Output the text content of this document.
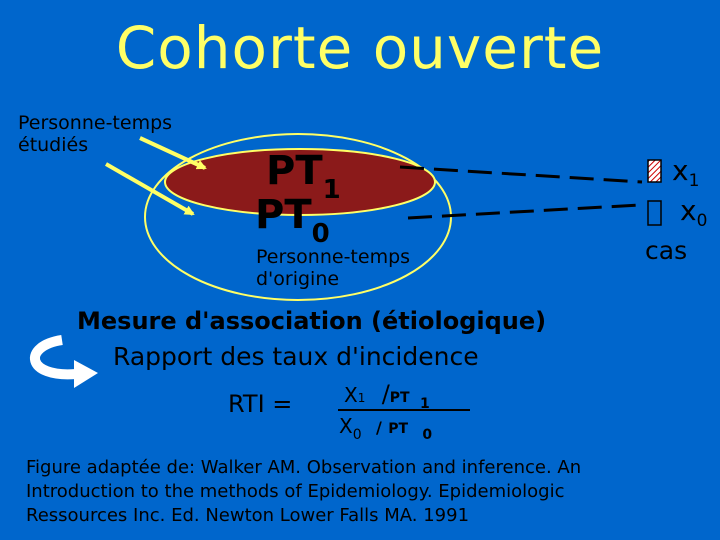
Cohorte ouverte
Personne-temps
étudiés
PT1
PT0
Personne-temps
d'origine
$x_1$
$x_0$
cas
Mesure d'association (étiologique)
Rapport des taux d'incidence
RTI =	X1 /PT $_1$
$X_0$ / PT $_0$
Figure adaptée de: Walker AM. Observation and inference. An
Introduction to the methods of Epidemiology. Epidemiologic
Ressources Inc. Ed. Newton Lower Falls MA. 1991
